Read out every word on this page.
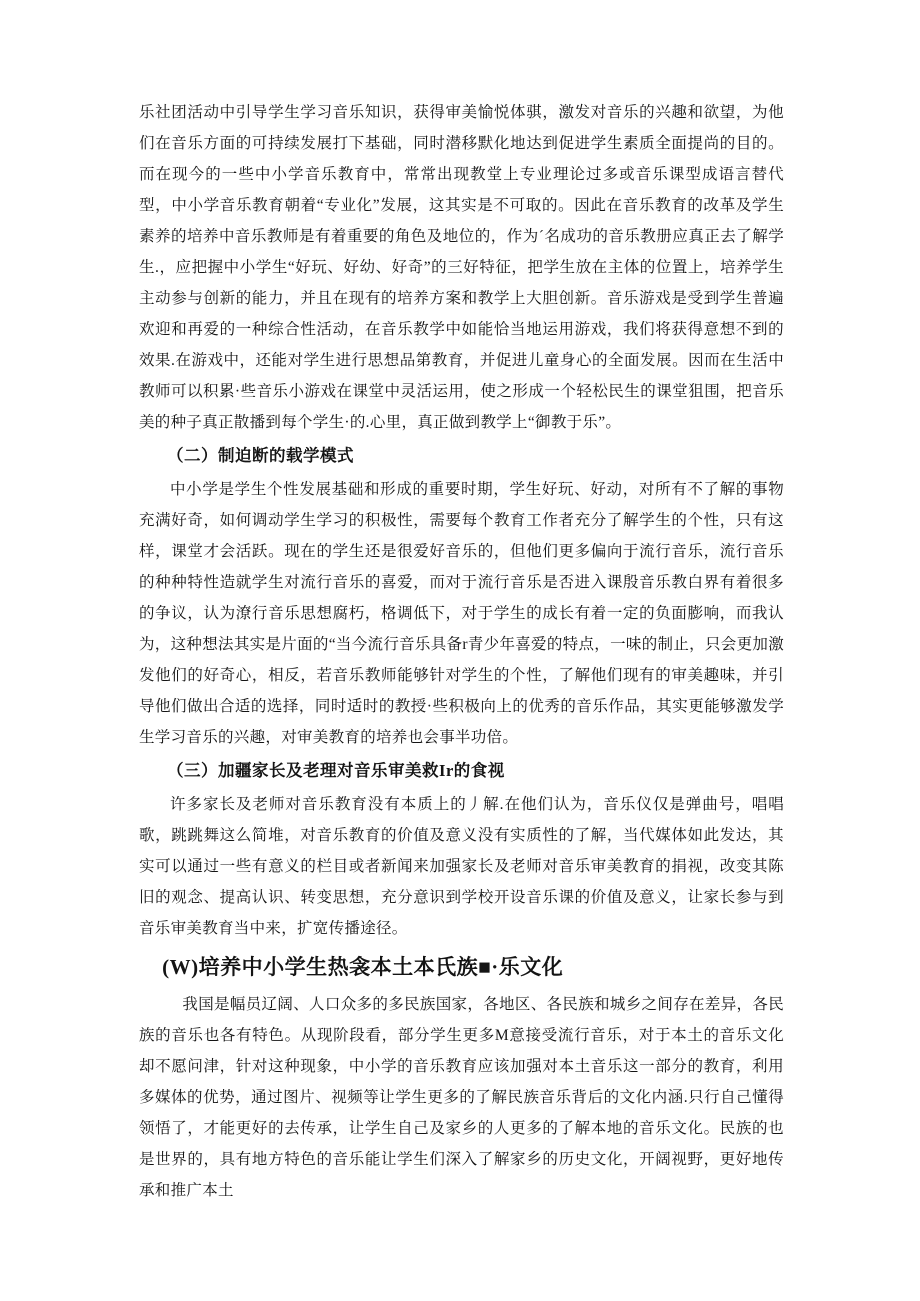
乐社团活动中引导学生学习音乐知识，获得审美愉悦体骐，激发对音乐的兴趣和欲望，为他们在音乐方面的可持续发展打下基础，同时潜移默化地达到促进学生素质全面提尚的目的。而在现今的一些中小学音乐教育中，常常出现教堂上专业理论过多或音乐课型成语言替代型，中小学音乐教育朝着“专业化”发展，这其实是不可取的。因此在音乐教育的改革及学生素养的培养中音乐教师是有着重要的角色及地位的，作为´名成功的音乐教册应真正去了解学生.，应把握中小学生“好玩、好幼、好奇”的三好特征，把学生放在主体的位置上，培养学生主动参与创新的能力，并且在现有的培养方案和教学上大胆创新。音乐游戏是受到学生普遍欢迎和再爱的一种综合性活动，在音乐教学中如能恰当地运用游戏，我们将获得意想不到的效果.在游戏中，还能对学生进行思想品第教育，并促进儿童身心的全面发展。因而在生活中教师可以积累·些音乐小游戏在课堂中灵活运用，使之形成一个轻松民生的课堂狙围，把音乐美的种子真正散播到每个学生·的.心里，真正做到教学上“御教于乐”。

（二）制迫断的载学模式

中小学是学生个性发展基础和形成的重要时期，学生好玩、好动，对所有不了解的事物充满好奇，如何调动学生学习的积极性，需要每个教育工作者充分了解学生的个性，只有这样，课堂才会活跃。现在的学生还是很爱好音乐的，但他们更多偏向于流行音乐，流行音乐的种种特性造就学生对流行音乐的喜爱，而对于流行音乐是否进入课殷音乐教白界有着很多的争议，认为潦行音乐思想腐朽，格调低下，对于学生的成长有着一定的负面膨响，而我认为，这种想法其实是片面的“当今流行音乐具备r青少年喜爱的特点，一味的制止，只会更加激发他们的好奇心，相反，若音乐教师能够针对学生的个性，了解他们现有的审美趣味，并引导他们做出合适的选择，同时适时的教授·些积极向上的优秀的音乐作品，其实更能够激发学生学习音乐的兴趣，对审美教育的培养也会事半功倍。

（三）加疆家长及老理对音乐审美救Ir的食视

许多家长及老师对音乐教育没有本质上的丿解.在他们认为，音乐仪仅是弹曲号，唱唱歌，跳跳舞这么简堆，对音乐教育的价值及意义没有实质性的了解，当代媒体如此发达，其实可以通过一些有意义的栏目或者新闻来加强家长及老师对音乐审美教育的捐视，改变其陈旧的观念、提高认识、转变思想，充分意识到学校开设音乐课的价值及意义，让家长参与到音乐审美教育当中来，扩宽传播途径。

(W)培养中小学生热衾本土本氏族■·乐文化

我国是幅员辽阔、人口众多的多民族国家，各地区、各民族和城乡之间存在差异，各民族的音乐也各有特色。从现阶段看，部分学生更多M意接受流行音乐，对于本土的音乐文化却不愿问津，针对这种现象，中小学的音乐教育应该加强对本土音乐这一部分的教育，利用多媒体的优势，通过图片、视频等让学生更多的了解民族音乐背后的文化内涵.只行自己懂得领悟了，才能更好的去传承，让学生自己及家乡的人更多的了解本地的音乐文化。民族的也是世界的，具有地方特色的音乐能让学生们深入了解家乡的历史文化，开阔视野，更好地传承和推广本土
